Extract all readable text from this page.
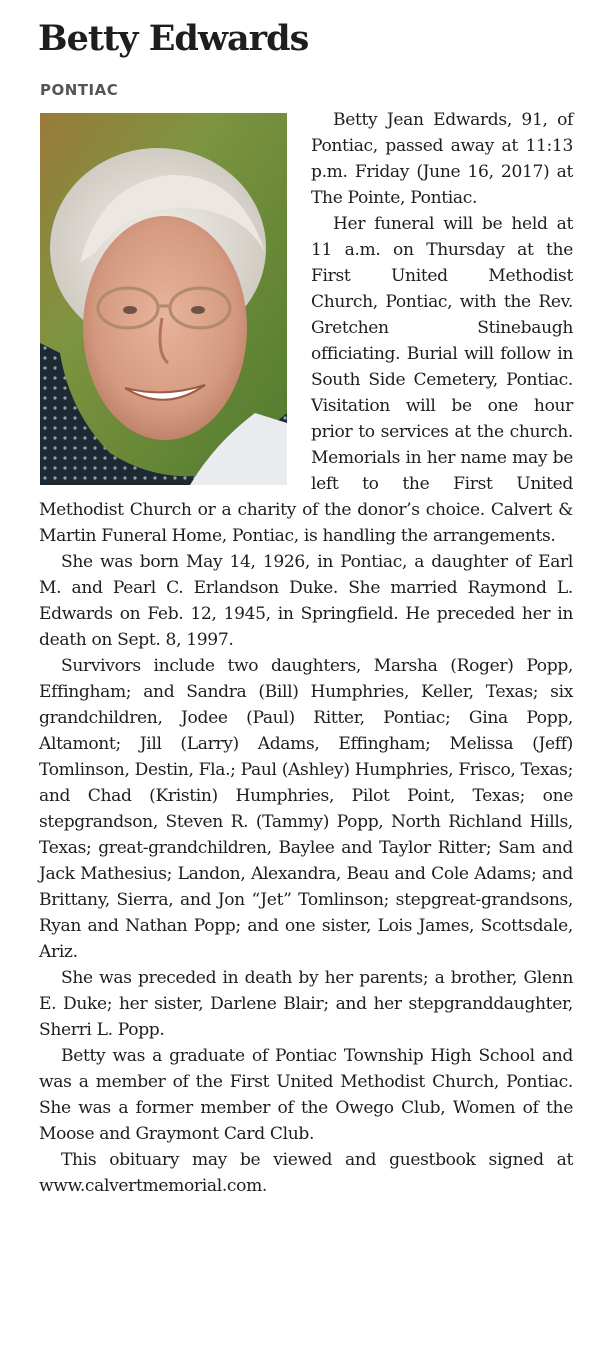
Betty Edwards
PONTIAC

Betty Jean Edwards, 91, of Pontiac, passed away at 11:13 p.m. Friday (June 16, 2017) at The Pointe, Pontiac.

Her funeral will be held at 11 a.m. on Thursday at the First United Methodist Church, Pontiac, with the Rev. Gretchen Stinebaugh officiating. Burial will follow in South Side Cemetery, Pontiac. Visitation will be one hour prior to services at the church. Memorials in her name may be left to the First United Methodist Church or a charity of the donor’s choice. Calvert & Martin Funeral Home, Pontiac, is handling the arrangements.

She was born May 14, 1926, in Pontiac, a daughter of Earl M. and Pearl C. Erlandson Duke. She married Raymond L. Edwards on Feb. 12, 1945, in Springfield. He preceded her in death on Sept. 8, 1997.

Survivors include two daughters, Marsha (Roger) Popp, Effingham; and Sandra (Bill) Humphries, Keller, Texas; six grandchildren, Jodee (Paul) Ritter, Pontiac; Gina Popp, Altamont; Jill (Larry) Adams, Effingham; Melissa (Jeff) Tomlinson, Destin, Fla.; Paul (Ashley) Humphries, Frisco, Texas; and Chad (Kristin) Humphries, Pilot Point, Texas; one stepgrandson, Steven R. (Tammy) Popp, North Richland Hills, Texas; great-grandchildren, Baylee and Taylor Ritter; Sam and Jack Mathesius; Landon, Alexandra, Beau and Cole Adams; and Brittany, Sierra, and Jon “Jet” Tomlinson; stepgreat-grandsons, Ryan and Nathan Popp; and one sister, Lois James, Scottsdale, Ariz.

She was preceded in death by her parents; a brother, Glenn E. Duke; her sister, Darlene Blair; and her stepgranddaughter, Sherri L. Popp.

Betty was a graduate of Pontiac Township High School and was a member of the First United Methodist Church, Pontiac. She was a former member of the Owego Club, Women of the Moose and Graymont Card Club.

This obituary may be viewed and guestbook signed at www.calvertmemorial.com.
